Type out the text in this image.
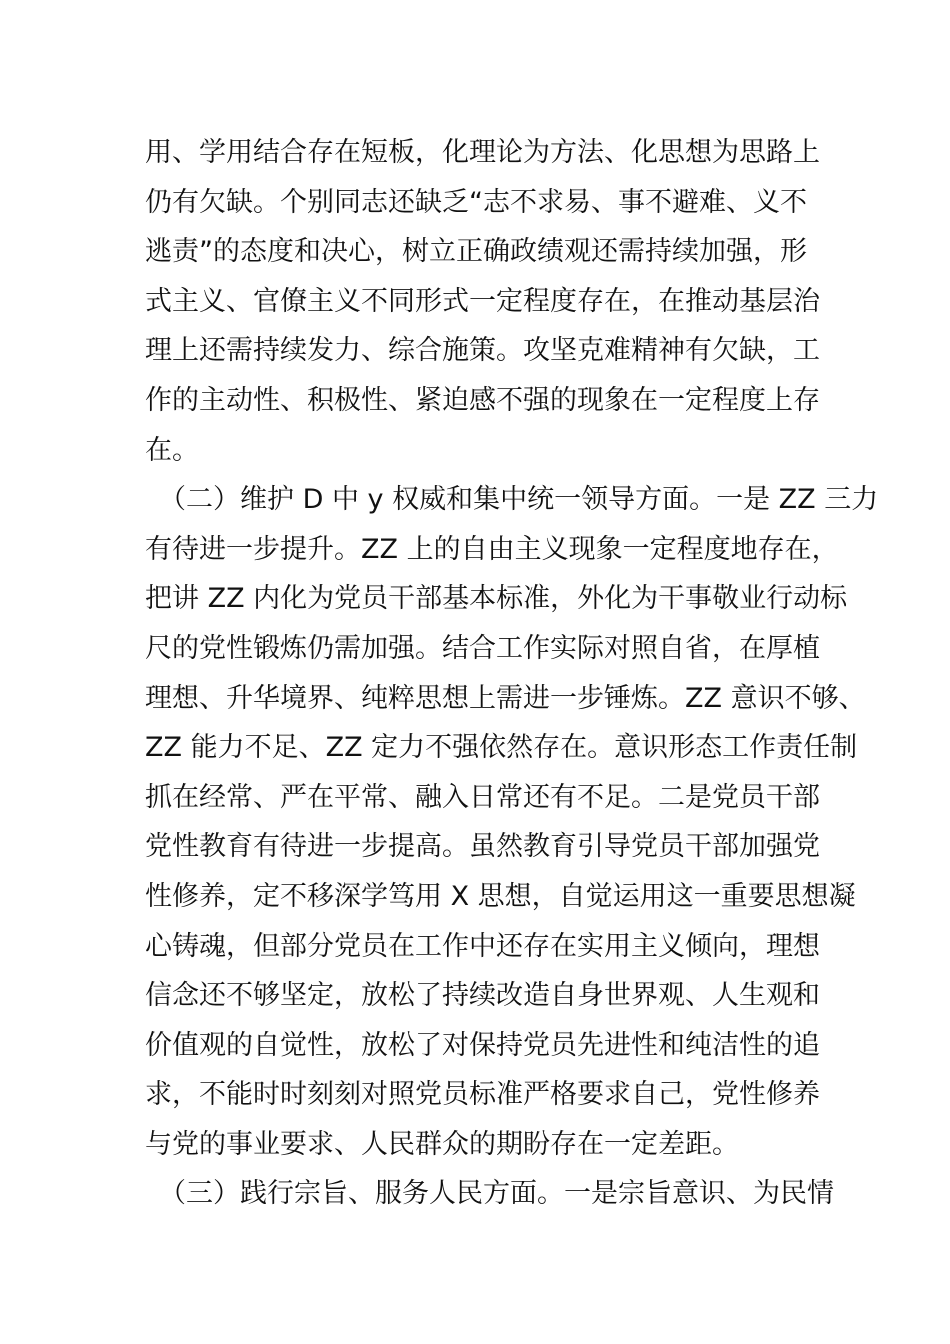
用、学用结合存在短板，化理论为方法、化思想为思路上
仍有欠缺。个别同志还缺乏“志不求易、事不避难、义不
逃责”的态度和决心，树立正确政绩观还需持续加强，形
式主义、官僚主义不同形式一定程度存在，在推动基层治
理上还需持续发力、综合施策。攻坚克难精神有欠缺，工
作的主动性、积极性、紧迫感不强的现象在一定程度上存
在。
（二）维护 D 中 y 权威和集中统一领导方面。一是 ZZ 三力
有待进一步提升。ZZ 上的自由主义现象一定程度地存在，
把讲 ZZ 内化为党员干部基本标准，外化为干事敬业行动标
尺的党性锻炼仍需加强。结合工作实际对照自省，在厚植
理想、升华境界、纯粹思想上需进一步锤炼。ZZ 意识不够、
ZZ 能力不足、ZZ 定力不强依然存在。意识形态工作责任制
抓在经常、严在平常、融入日常还有不足。二是党员干部
党性教育有待进一步提高。虽然教育引导党员干部加强党
性修养，定不移深学笃用 X 思想，自觉运用这一重要思想凝
心铸魂，但部分党员在工作中还存在实用主义倾向，理想
信念还不够坚定，放松了持续改造自身世界观、人生观和
价值观的自觉性，放松了对保持党员先进性和纯洁性的追
求，不能时时刻刻对照党员标准严格要求自己，党性修养
与党的事业要求、人民群众的期盼存在一定差距。
（三）践行宗旨、服务人民方面。一是宗旨意识、为民情
